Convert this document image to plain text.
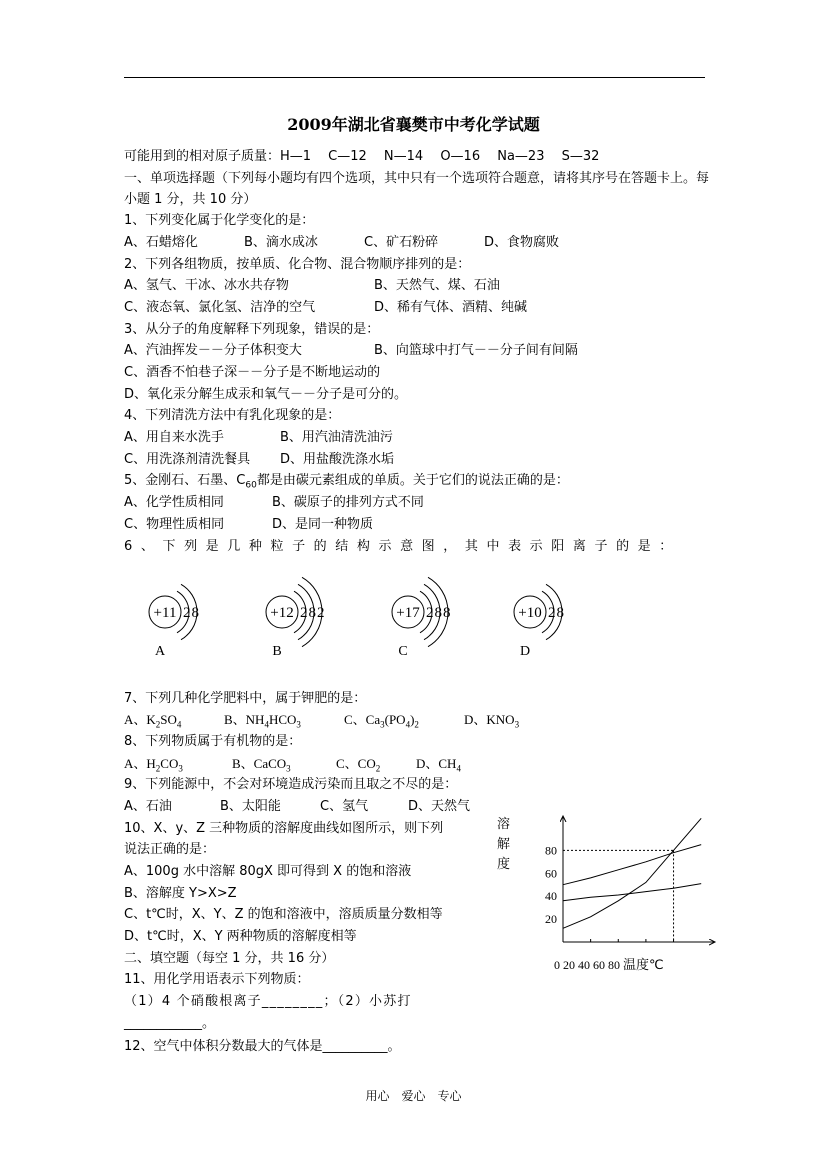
2009年湖北省襄樊市中考化学试题
可能用到的相对原子质量：H—1　 C—12　 N—14　 O—16　 Na—23　 S—32
一、单项选择题（下列每小题均有四个选项，其中只有一个选项符合题意，请将其序号在答题卡上。每小题 1 分，共 10 分）
1、下列变化属于化学变化的是：
A、石蜡熔化	B、滴水成冰	C、矿石粉碎	D、食物腐败
2、下列各组物质，按单质、化合物、混合物顺序排列的是：
A、氢气、干冰、冰水共存物	B、天然气、煤、石油
C、液态氧、氯化氢、洁净的空气	D、稀有气体、酒精、纯碱
3、从分子的角度解释下列现象，错误的是：
A、汽油挥发－－分子体积变大	B、向篮球中打气－－分子间有间隔
C、酒香不怕巷子深－－分子是不断地运动的
D、氧化汞分解生成汞和氧气－－分子是可分的。
4、下列清洗方法中有乳化现象的是：
A、用自来水洗手	B、用汽油清洗油污
C、用洗涤剂清洗餐具 D、用盐酸洗涤水垢
5、金刚石、石墨、$C_{60}$都是由碳元素组成的单质。关于它们的说法正确的是：
A、化学性质相同	B、碳原子的排列方式不同
C、物理性质相同	D、是同一种物质
6、下列是几种粒子的结构示意图，其中表示阳离子的是：
+11 28
A
+12 282
B
+17 288
C
+10 28
D
7、下列几种化学肥料中，属于钾肥的是：
A、$K_2SO_4$	B、$NH_4HCO_3$	C、$Ca_3(PO_4)_2$	D、$KNO_3$
8、下列物质属于有机物的是：
A、$H_2CO_3$	B、CaCO$_3$	C、$CO_2$	D、$CH_4$
9、下列能源中，不会对环境造成污染而且取之不尽的是：
A、石油	B、太阳能	C、氢气	D、天然气
10、X、y、Z 三种物质的溶解度曲线如图所示，则下列
说法正确的是：
A、100g 水中溶解 80gX 即可得到 X 的饱和溶液
B、溶解度 Y>X>Z
C、t℃时，X、Y、Z 的饱和溶液中，溶质质量分数相等
D、t℃时，X、Y 两种物质的溶解度相等
溶解度
20
40
60
80
0 20 40 60 80 温度℃
二、填空题（每空 1 分，共 16 分）
11、用化学用语表示下列物质：
（1）4 个硝酸根离子________；（2）小苏打
____________。
12、空气中体积分数最大的气体是__________。
用心　爱心　专心
